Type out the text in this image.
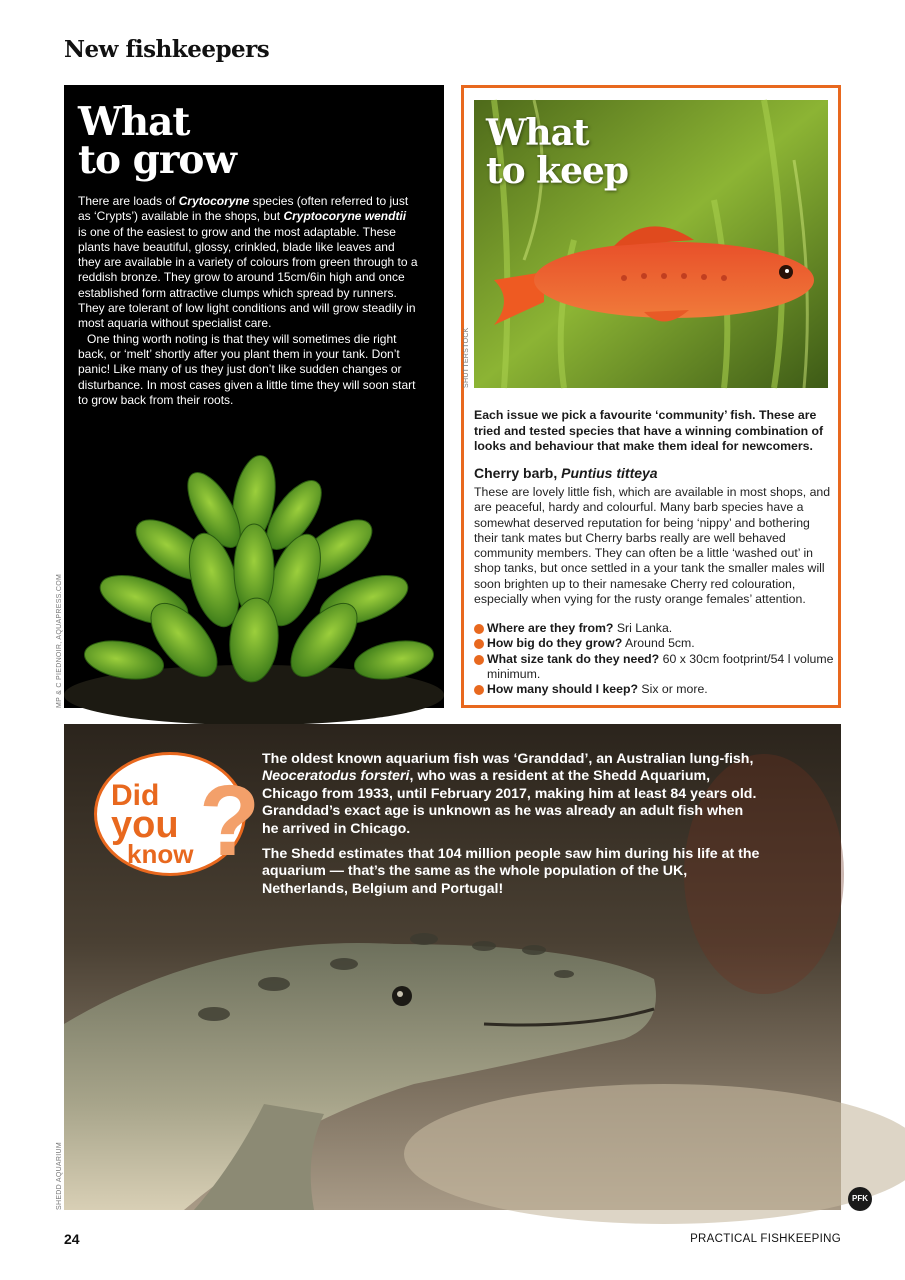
New fishkeepers
What
to grow

There are loads of Crytocoryne species (often referred to just as ‘Crypts’) available in the shops, but Cryptocoryne wendtii is one of the easiest to grow and the most adaptable. These plants have beautiful, glossy, crinkled, blade like leaves and they are available in a variety of colours from green through to a reddish bronze. They grow to around 15cm/6in high and once established form attractive clumps which spread by runners. They are tolerant of low light conditions and will grow steadily in most aquaria without specialist care.

One thing worth noting is that they will sometimes die right back, or ‘melt’ shortly after you plant them in your tank. Don’t panic! Like many of us they just don’t like sudden changes or disturbance. In most cases given a little time they will soon start to grow back from their roots.

MP & C PIEDNOIR, AQUAPRESS.COM
What
to keep
Each issue we pick a favourite ‘community’ fish. These are tried and tested species that have a winning combination of looks and behaviour that make them ideal for newcomers.
Cherry barb, Puntius titteya
These are lovely little fish, which are available in most shops, and are peaceful, hardy and colourful. Many barb species have a somewhat deserved reputation for being ‘nippy’ and bothering their tank mates but Cherry barbs really are well behaved community members. They can often be a little ‘washed out’ in shop tanks, but once settled in a your tank the smaller males will soon brighten up to their namesake Cherry red colouration, especially when vying for the rusty orange females’ attention.
Where are they from? Sri Lanka.
How big do they grow? Around 5cm.
What size tank do they need? 60 x 30cm footprint/54 l volume minimum.
How many should I keep? Six or more.
SHUTTERSTOCK
?
Did
you
know

The oldest known aquarium fish was ‘Granddad’, an Australian lung-fish, Neoceratodus forsteri, who was a resident at the Shedd Aquarium, Chicago from 1933, until February 2017, making him at least 84 years old. Granddad’s exact age is unknown as he was already an adult fish when he arrived in Chicago.

The Shedd estimates that 104 million people saw him during his life at the aquarium — that’s the same as the whole population of the UK, Netherlands, Belgium and Portugal!

SHEDD AQUARIUM	PFK
24	PRACTICAL FISHKEEPING
